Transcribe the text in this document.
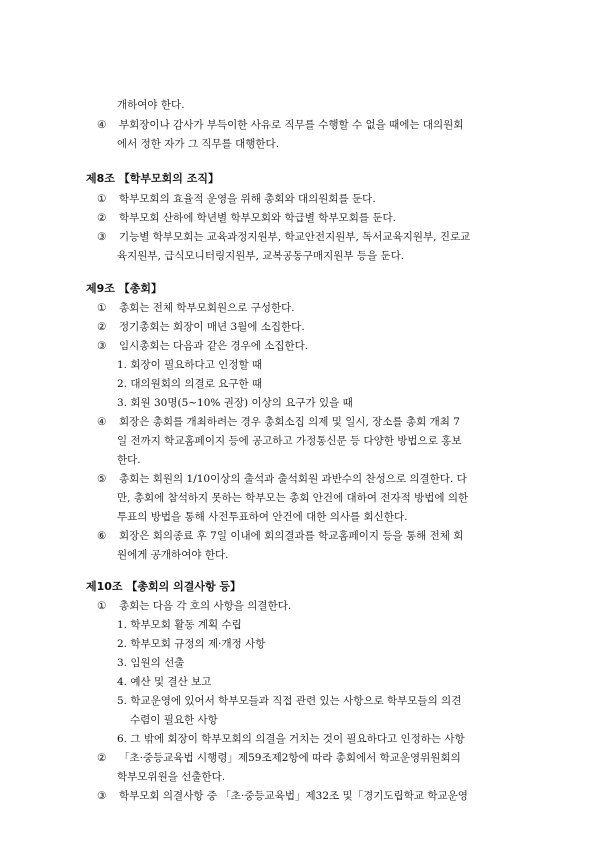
개하여야 한다.
④ 부회장이나 감사가 부득이한 사유로 직무를 수행할 수 없을 때에는 대의원회
에서 정한 자가 그 직무를 대행한다.
제8조 【학부모회의 조직】
① 학부모회의 효율적 운영을 위해 총회와 대의원회를 둔다.
② 학부모회 산하에 학년별 학부모회와 학급별 학부모회를 둔다.
③ 기능별 학부모회는 교육과정지원부, 학교안전지원부, 독서교육지원부, 진로교
육지원부, 급식모니터링지원부, 교복공동구매지원부 등을 둔다.
제9조 【총회】
① 총회는 전체 학부모회원으로 구성한다.
② 정기총회는 회장이 매년 3월에 소집한다.
③ 임시총회는 다음과 같은 경우에 소집한다.
1. 회장이 필요하다고 인정할 때
2. 대의원회의 의결로 요구한 때
3. 회원 30명(5~10% 권장) 이상의 요구가 있을 때
④ 회장은 총회를 개최하려는 경우 총회소집 의제 및 일시, 장소를 총회 개최 7
일 전까지 학교홈페이지 등에 공고하고 가정통신문 등 다양한 방법으로 홍보
한다.
⑤ 총회는 회원의 1/10이상의 출석과 출석회원 과반수의 찬성으로 의결한다. 다
만, 총회에 참석하지 못하는 학부모는 총회 안건에 대하여 전자적 방법에 의한
투표의 방법을 통해 사전투표하여 안건에 대한 의사를 회신한다.
⑥ 회장은 회의종료 후 7일 이내에 회의결과를 학교홈페이지 등을 통해 전체 회
원에게 공개하여야 한다.
제10조 【총회의 의결사항 등】
① 총회는 다음 각 호의 사항을 의결한다.
1. 학부모회 활동 계획 수립
2. 학부모회 규정의 제·개정 사항
3. 임원의 선출
4. 예산 및 결산 보고
5. 학교운영에 있어서 학부모들과 직접 관련 있는 사항으로 학부모들의 의견
수렴이 필요한 사항
6. 그 밖에 회장이 학부모회의 의결을 거치는 것이 필요하다고 인정하는 사항
② 「초·중등교육법 시행령」제59조제2항에 따라 총회에서 학교운영위원회의
학부모위원을 선출한다.
③ 학부모회 의결사항 중 「초·중등교육법」제32조 및「경기도립학교 학교운영
